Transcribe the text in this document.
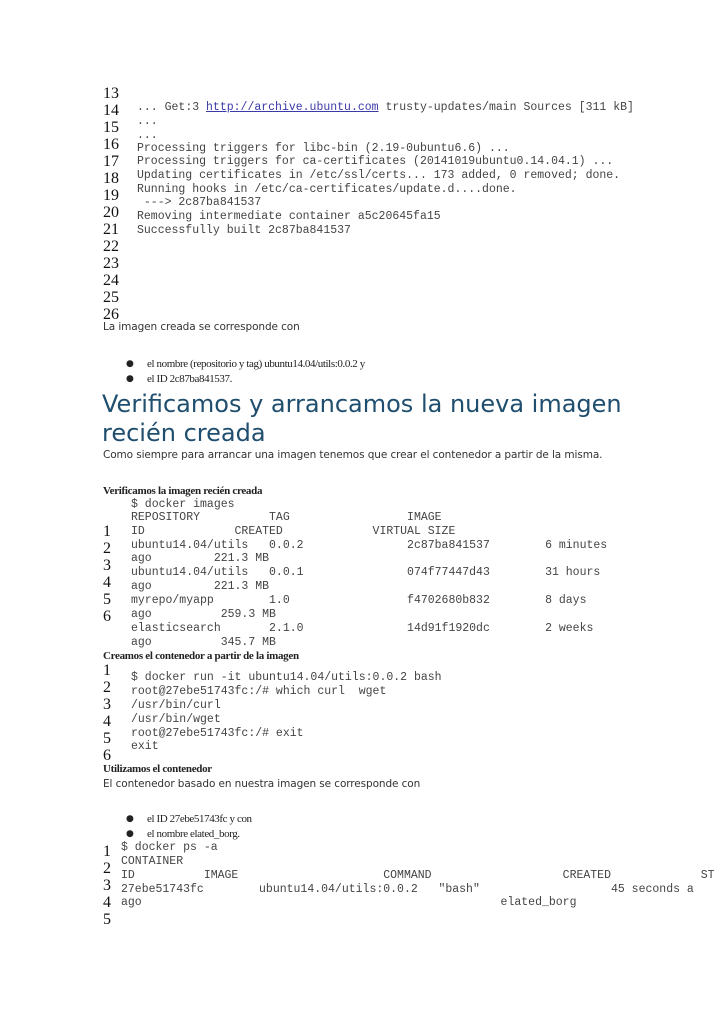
13
14
15
16
17
18
19
20
21
22
23
24
25
26

Get:3 http://archive.ubuntu.com trusty-updates/main Sources [311 kB]

...
...
...
Processing triggers for libc-bin (2.19-0ubuntu6.6) ...
Processing triggers for ca-certificates (20141019ubuntu0.14.04.1) ...
Updating certificates in /etc/ssl/certs... 173 added, 0 removed; done.
Running hooks in /etc/ca-certificates/update.d....done.
---> 2c87ba841537
Removing intermediate container a5c20645fa15
Successfully built 2c87ba841537
La imagen creada se corresponde con
● el nombre (repositorio y tag) ubuntu14.04/utils:0.0.2 y
● el ID 2c87ba841537.
Verificamos y arrancamos la nueva imagen recién creada
Como siempre para arrancar una imagen tenemos que crear el contenedor a partir de la misma.
Verificamos la imagen recién creada
1
2
3
4
5
6
$ docker images
REPOSITORY          TAG                 IMAGE
ID             CREATED             VIRTUAL SIZE
ubuntu14.04/utils   0.0.2               2c87ba841537        6 minutes
ago         221.3 MB
ubuntu14.04/utils   0.0.1               074f77447d43        31 hours
ago         221.3 MB
myrepo/myapp        1.0                 f4702680b832        8 days
ago          259.3 MB
elasticsearch       2.1.0               14d91f1920dc        2 weeks
ago          345.7 MB
Creamos el contenedor a partir de la imagen
1
2
3
4
5
6
$ docker run -it ubuntu14.04/utils:0.0.2 bash
root@27ebe51743fc:/# which curl  wget
/usr/bin/curl
/usr/bin/wget
root@27ebe51743fc:/# exit
exit
Utilizamos el contenedor
El contenedor basado en nuestra imagen se corresponde con
● el ID 27ebe51743fc y con
● el nombre elated_borg.
1
2
3
4
5
$ docker ps -a
CONTAINER
ID          IMAGE                     COMMAND                   CREATED             ST
27ebe51743fc        ubuntu14.04/utils:0.0.2   "bash"                   45 seconds a
ago                                                    elated_borg
